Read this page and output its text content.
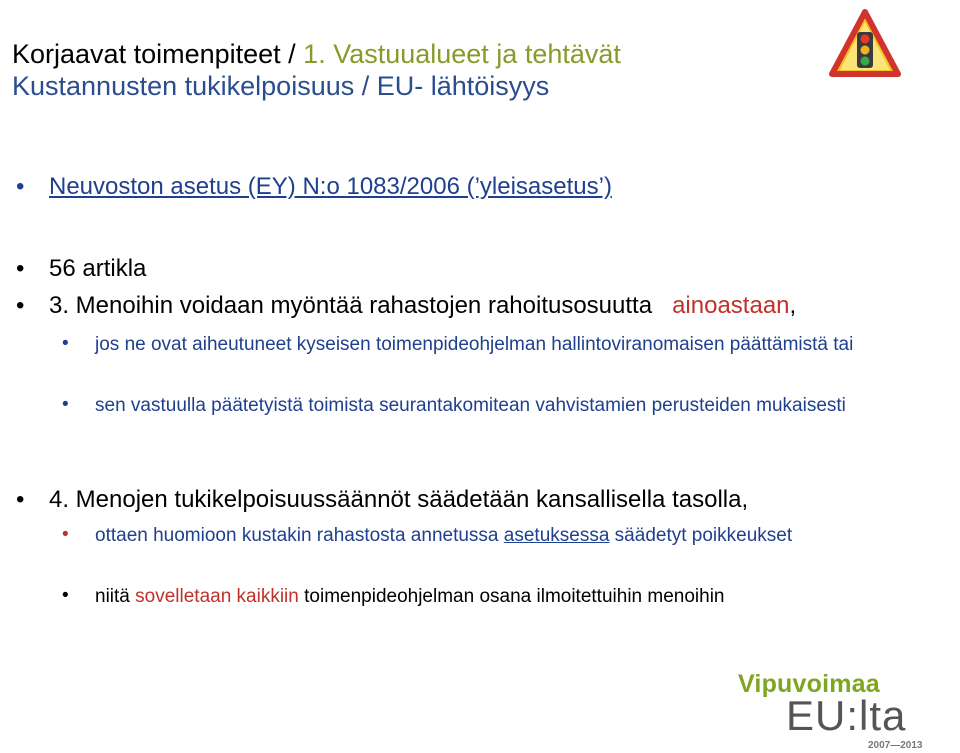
Korjaavat toimenpiteet / 1. Vastuualueet ja tehtävät
Kustannusten tukikelpoisuus / EU- lähtöisyys
• Neuvoston asetus (EY) N:o 1083/2006 (’yleisasetus’)
• 56 artikla
• 3. Menoihin voidaan myöntää rahastojen rahoitusosuutta ainoastaan,
• jos ne ovat aiheutuneet kyseisen toimenpideohjelman hallintoviranomaisen päättämistä tai
• sen vastuulla päätetyistä toimista seurantakomitean vahvistamien perusteiden mukaisesti
• 4. Menojen tukikelpoisuussäännöt säädetään kansallisella tasolla,
• ottaen huomioon kustakin rahastosta annetussa asetuksessa säädetyt poikkeukset
• niitä sovelletaan kaikkiin toimenpideohjelman osana ilmoitettuihin menoihin
Vipuvoimaa
EU:lta
2007—2013
